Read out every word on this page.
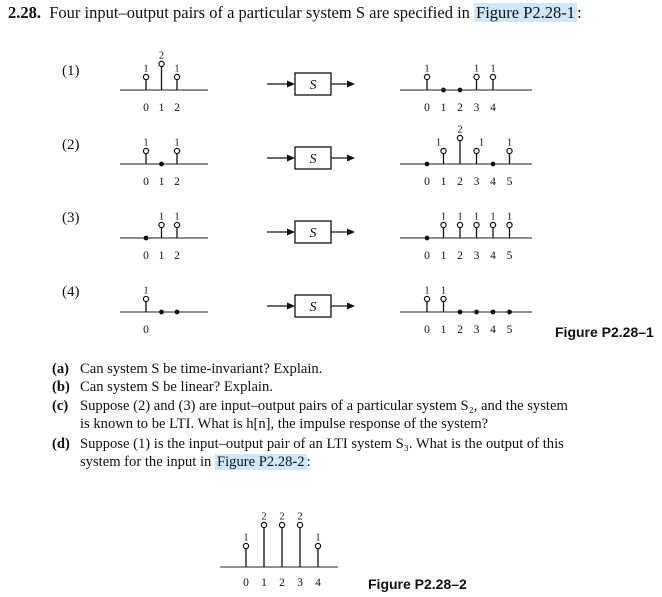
2.28. Four input–output pairs of a particular system S are specified in Figure P2.28-1 :
(1)
(2)
(3)
(4)
1
2
1
0 1 2
S
1	1 1
0 1 2 3 4
1 1
0 1 2
S
1
2
1 1
0 1 2 3 4 5
1 1
0 1 2
S
1 1 1 1 1
0 1 2 3 4 5
1
0
S
1 1
0 1 2 3 4 5
1
2 2 2
1
0 1 2 3 4
Figure P2.28–1
(a) Can system S be time-invariant? Explain.
(b) Can system S be linear? Explain.
(c) Suppose (2) and (3) are input–output pairs of a particular system S₂, and the system
is known to be LTI. What is h[n], the impulse response of the system?
(d) Suppose (1) is the input–output pair of an LTI system S₃. What is the output of this
system for the input in Figure P2.28-2 :
Figure P2.28–2
